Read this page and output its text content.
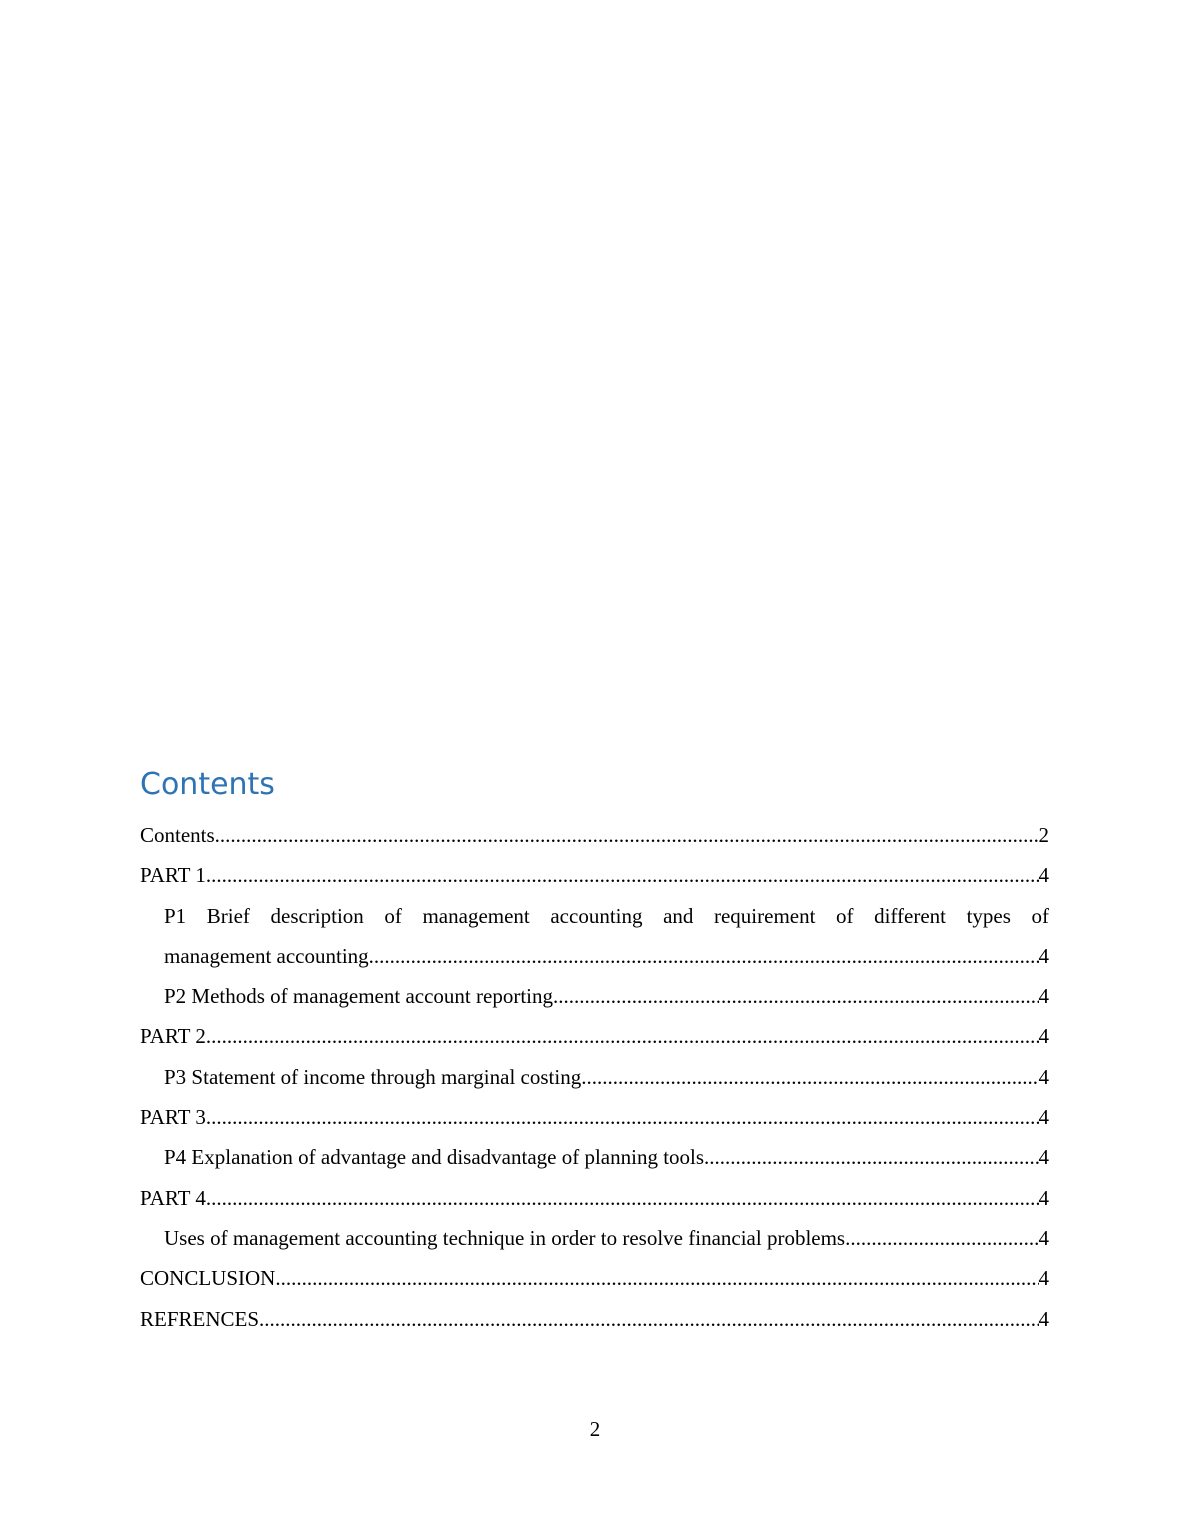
Contents
Contents .....	2
PART 1 .....	4
P1 Brief description of management accounting and requirement of different types of
management accounting .....	4
P2 Methods of management account reporting .....	4
PART 2 .....	4
P3 Statement of income through marginal costing .....	4
PART 3 .....	4
P4 Explanation of advantage and disadvantage of planning tools .....	4
PART 4 .....	4
Uses of management accounting technique in order to resolve financial problems .....	4
CONCLUSION .....	4
REFRENCES .....	4
2
